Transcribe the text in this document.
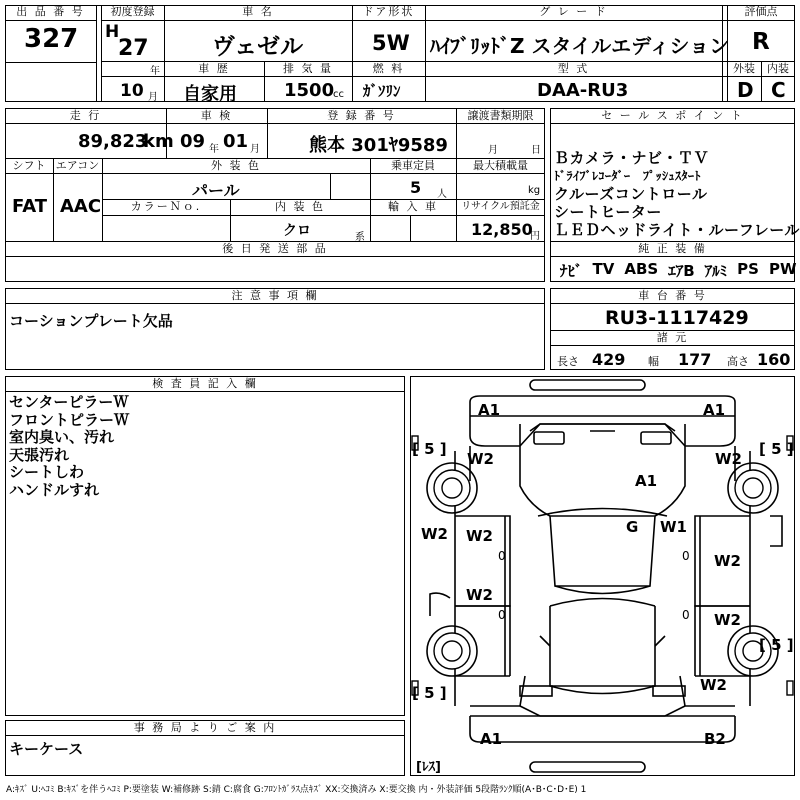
出 品 番 号
327
初度登録
H
27
年
10 月
車 名
ヴェゼル
ドア形状
5W
グ レ ー ド
ﾊｲﾌﾞﾘｯﾄﾞZ スタイルエディション
評価点
R
車 歴
自家用
排 気 量
1500
cc
燃 料
ｶﾞｿﾘﾝ
型 式
DAA-RU3
外装	内装
D C
走 行
89,823
km
車 検
09 年 01 月
登 録 番 号
熊本 301ﾔ9589
譲渡書類期限
月	日
シフト
FAT
エアコン
AAC
外 装 色
パール
乗車定員
5 人
最大積載量
kg
カラーＮｏ.	内 装 色
クロ	系
輸 入 車	リサイクル預託金
12,850
円
後 日 発 送 部 品
セ ー ル ス ポ イ ン ト
Ｂカメラ・ナビ・ＴＶ
ﾄﾞﾗｲﾌﾞﾚｺｰﾀﾞｰ　ﾌﾟｯｼｭｽﾀｰﾄ
クルーズコントロール
シートヒーター
ＬＥＤヘッドライト・ルーフレール
純 正 装 備
ﾅﾋﾞ TV ABS ｴｱB ｱﾙﾐ PS PW
注 意 事 項 欄
コーションプレート欠品
車 台 番 号
RU3-1117429
諸 元
長さ 429 幅 177 高さ 160
検 査 員 記 入 欄
センターピラーＷ
フロントピラーＷ
室内臭い、汚れ
天張汚れ
シートしわ
ハンドルすれ
事 務 局 よ り ご 案 内
キーケース
A1	A1
[ 5 ]	[ 5 ]
W2	W2
A1
G W1
W2 W2
W2
W2
W2
[ 5 ]
W2
[ 5 ]
A1	B2
[ﾚｽ]
0
0
0
0
A:ｷｽﾞ U:ﾍｺﾐ B:ｷｽﾞを伴うﾍｺﾐ P:要塗装 W:補修跡 S:錆 C:腐食 G:ﾌﾛﾝﾄｶﾞﾗｽ点ｷｽﾞ XX:交換済み X:要交換 内・外装評価 5段階ﾗﾝｸ順(A･B･C･D･E) 1
